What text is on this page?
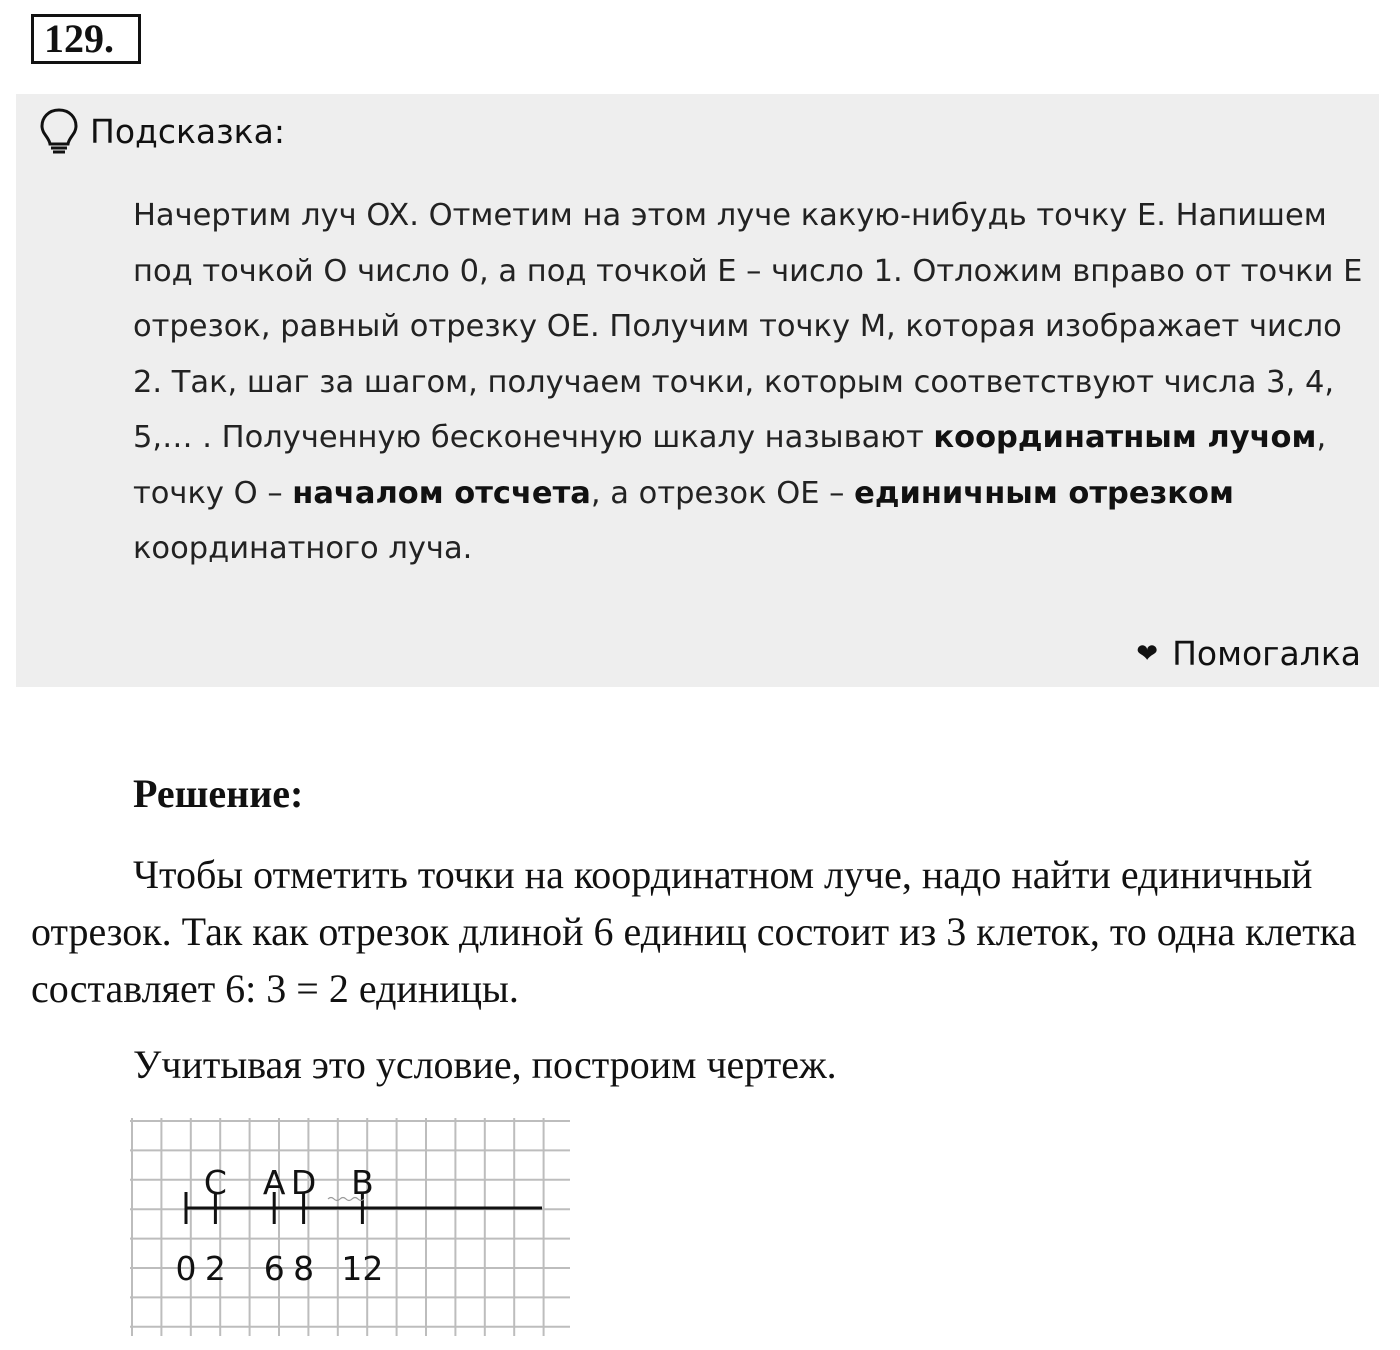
129.
Подсказка:
Начертим луч OX. Отметим на этом луче какую-нибудь точку E. Напишем под точкой O число 0, а под точкой E – число 1. Отложим вправо от точки E отрезок, равный отрезку OE. Получим точку M, которая изображает число 2. Так, шаг за шагом, получаем точки, которым соответствуют числа 3, 4, 5,… . Полученную бесконечную шкалу называют координатным лучом, точку O – началом отсчета, а отрезок OE – единичным отрезком координатного луча.
❤ Помогалка
Решение:
Чтобы отметить точки на координатном луче, надо найти единичный отрезок. Так как отрезок длиной 6 единиц состоит из 3 клеток, то одна клетка составляет 6: 3 = 2 единицы.
Учитывая это условие, построим чертеж.
0
C
2
A
6
D
8
B
12
